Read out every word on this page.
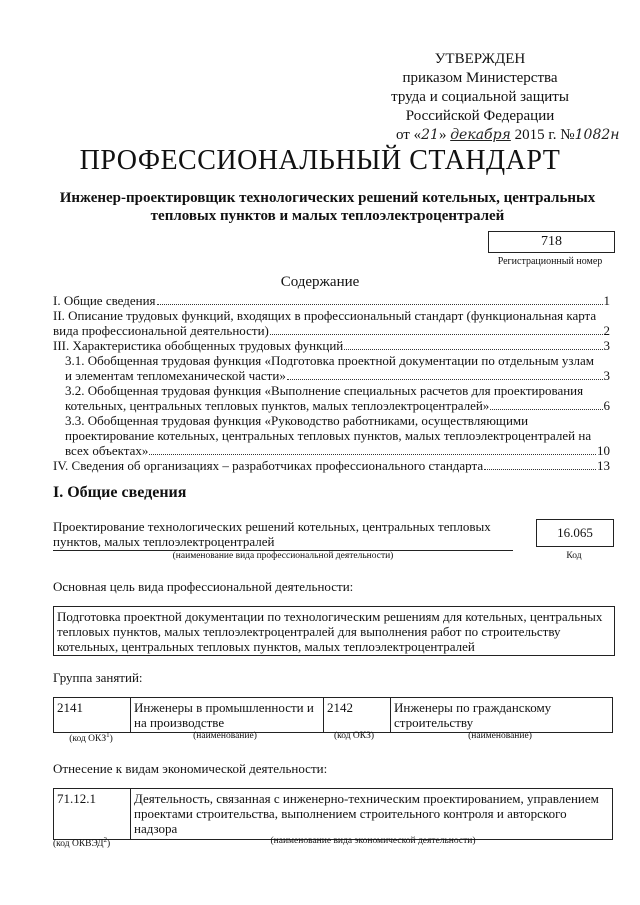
УТВЕРЖДЕН
приказом Министерства
труда и социальной защиты
Российской Федерации
от «21» декабря 2015 г. №1082н
ПРОФЕССИОНАЛЬНЫЙ СТАНДАРТ
Инженер-проектировщик технологических решений котельных, центральных тепловых пунктов и малых теплоэлектроцентралей
718
Регистрационный номер
Содержание
I. Общие сведения	1
II. Описание трудовых функций, входящих в профессиональный стандарт (функциональная карта
вида профессиональной деятельности)	2
III. Характеристика обобщенных трудовых функций	3
3.1. Обобщенная трудовая функция «Подготовка проектной документации по отдельным узлам
и элементам тепломеханической части»	3
3.2. Обобщенная трудовая функция «Выполнение специальных расчетов для проектирования
котельных, центральных тепловых пунктов, малых теплоэлектроцентралей»	6
3.3. Обобщенная трудовая функция «Руководство работниками, осуществляющими
проектирование котельных, центральных тепловых пунктов, малых теплоэлектроцентралей на
всех объектах»	10
IV. Сведения об организациях – разработчиках профессионального стандарта	13
I. Общие сведения
Проектирование технологических решений котельных, центральных тепловых пунктов, малых теплоэлектроцентралей
16.065
(наименование вида профессиональной деятельности)	Код
Основная цель вида профессиональной деятельности:
Подготовка проектной документации по технологическим решениям для котельных, центральных тепловых пунктов, малых теплоэлектроцентралей для выполнения работ по строительству котельных, центральных тепловых пунктов, малых теплоэлектроцентралей
Группа занятий:
2141	Инженеры в промышленности и на производстве	2142	Инженеры по гражданскому строительству
(код ОКЗ$^1$)	(наименование)	(код ОКЗ)	(наименование)
Отнесение к видам экономической деятельности:
71.12.1	Деятельность, связанная с инженерно-техническим проектированием, управлением проектами строительства, выполнением строительного контроля и авторского надзора
(код ОКВЭД$^2$)	(наименование вида экономической деятельности)
